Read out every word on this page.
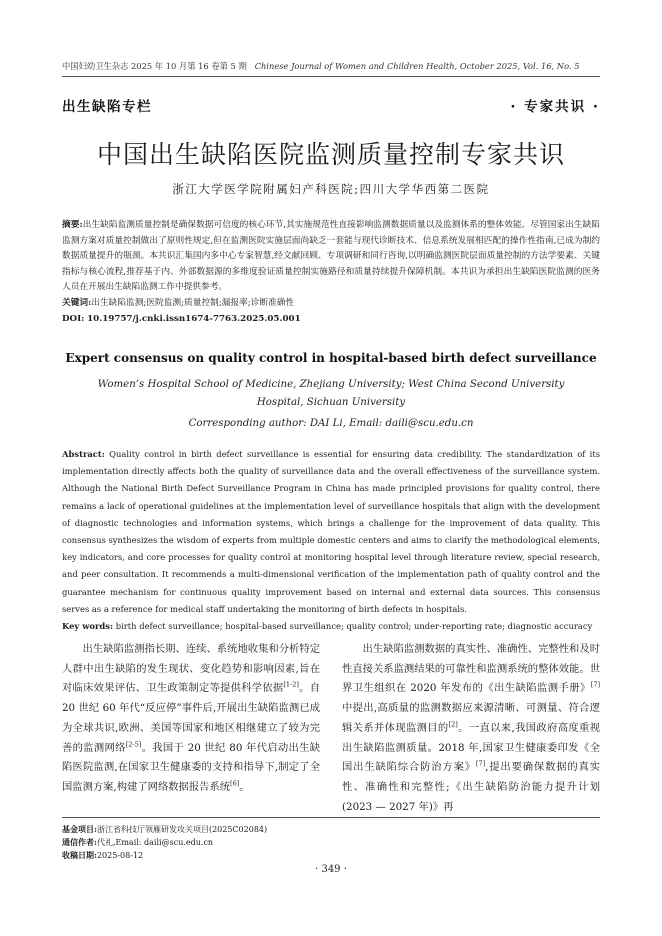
中国妇幼卫生杂志 2025 年 10 月第 16 卷第 5 期 Chinese Journal of Women and Children Health, October 2025, Vol. 16, No. 5
出生缺陷专栏	· 专家共识 ·
中国出生缺陷医院监测质量控制专家共识
浙江大学医学院附属妇产科医院;四川大学华西第二医院

摘要:出生缺陷监测质量控制是确保数据可信度的核心环节,其实施规范性直接影响监测数据质量以及监测体系的整体效能。尽管国家出生缺陷监测方案对质量控制做出了原则性规定,但在监测医院实施层面尚缺乏一套能与现代诊断技术、信息系统发展相匹配的操作性指南,已成为制约数据质量提升的瓶颈。本共识汇集国内多中心专家智慧,经文献回顾、专项调研和同行咨询,以明确监测医院层面质量控制的方法学要素、关键指标与核心流程,推荐基于内、外部数据源的多维度验证质量控制实施路径和质量持续提升保障机制。本共识为承担出生缺陷医院监测的医务人员在开展出生缺陷监测工作中提供参考。

关键词:出生缺陷监测;医院监测;质量控制;漏报率;诊断准确性

DOI: 10.19757/j.cnki.issn1674-7763.2025.05.001

Expert consensus on quality control in hospital-based birth defect surveillance
Women’s Hospital School of Medicine, Zhejiang University; West China Second University
Hospital, Sichuan University
Corresponding author: DAI Li, Email: daili@scu.edu.cn

Abstract: Quality control in birth defect surveillance is essential for ensuring data credibility. The standardization of its implementation directly affects both the quality of surveillance data and the overall effectiveness of the surveillance system. Although the National Birth Defect Surveillance Program in China has made principled provisions for quality control, there remains a lack of operational guidelines at the implementation level of surveillance hospitals that align with the development of diagnostic technologies and information systems, which brings a challenge for the improvement of data quality. This consensus synthesizes the wisdom of experts from multiple domestic centers and aims to clarify the methodological elements, key indicators, and core processes for quality control at monitoring hospital level through literature review, special research, and peer consultation. It recommends a multi-dimensional verification of the implementation path of quality control and the guarantee mechanism for continuous quality improvement based on internal and external data sources. This consensus serves as a reference for medical staff undertaking the monitoring of birth defects in hospitals.

Key words: birth defect surveillance; hospital-based surveillance; quality control; under-reporting rate; diagnostic accuracy

出生缺陷监测指长期、连续、系统地收集和分析特定人群中出生缺陷的发生现状、变化趋势和影响因素,旨在对临床效果评估、卫生政策制定等提供科学依据[1-2]。自 20 世纪 60 年代“反应停”事件后,开展出生缺陷监测已成为全球共识,欧洲、美国等国家和地区相继建立了较为完善的监测网络[2-5]。我国于 20 世纪 80 年代启动出生缺陷医院监测,在国家卫生健康委的支持和指导下,制定了全国监测方案,构建了网络数据报告系统[6]。

出生缺陷监测数据的真实性、准确性、完整性和及时性直接关系监测结果的可靠性和监测系统的整体效能。世界卫生组织在 2020 年发布的《出生缺陷监测手册》[7]中提出,高质量的监测数据应来源清晰、可测量、符合逻辑关系并体现监测目的[2]。一直以来,我国政府高度重视出生缺陷监测质量。2018 年,国家卫生健康委印发《全国出生缺陷综合防治方案》[7],提出要确保数据的真实性、准确性和完整性;《出生缺陷防治能力提升计划(2023 — 2027 年)》再

基金项目:浙江省科技厅领雁研发攻关项目(2025C02084)
通信作者:代礼,Email: daili@scu.edu.cn
收稿日期:2025-08-12
· 349 ·
